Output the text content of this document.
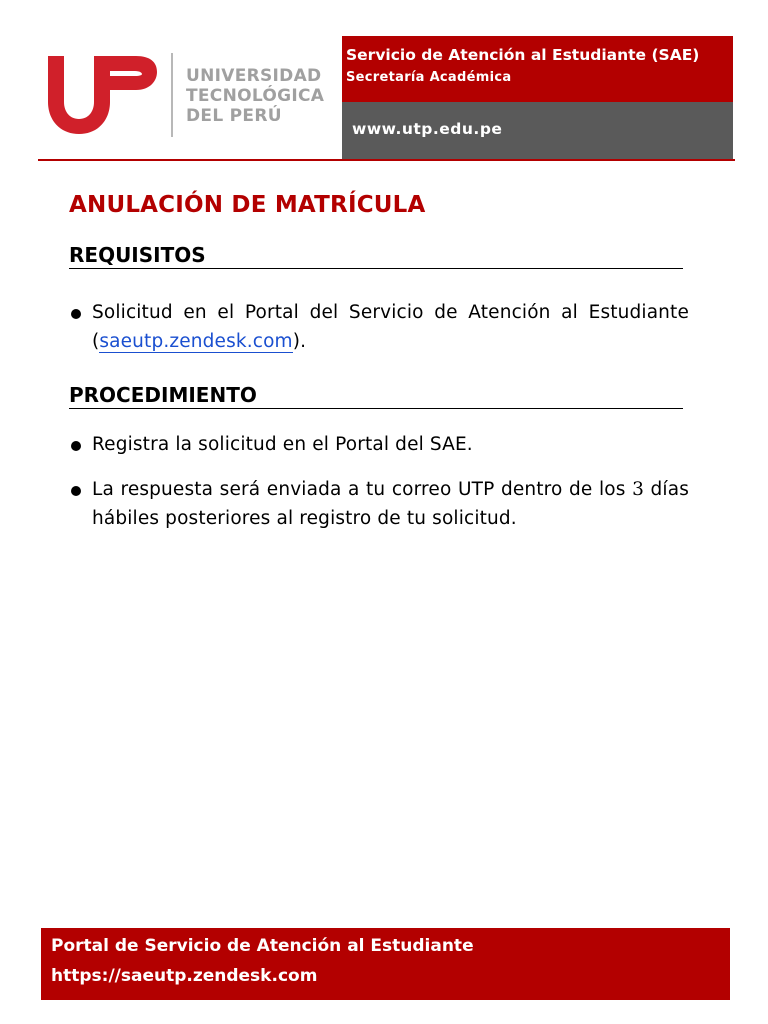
UNIVERSIDAD
TECNOLÓGICA
DEL PERÚ
Servicio de Atención al Estudiante (SAE)
Secretaría Académica
www.utp.edu.pe
ANULACIÓN DE MATRÍCULA
REQUISITOS
Solicitud en el Portal del Servicio de Atención al Estudiante (saeutp.zendesk.com).
PROCEDIMIENTO
Registra la solicitud en el Portal del SAE.
La respuesta será enviada a tu correo UTP dentro de los 3 días hábiles posteriores al registro de tu solicitud.
Portal de Servicio de Atención al Estudiante
https://saeutp.zendesk.com
